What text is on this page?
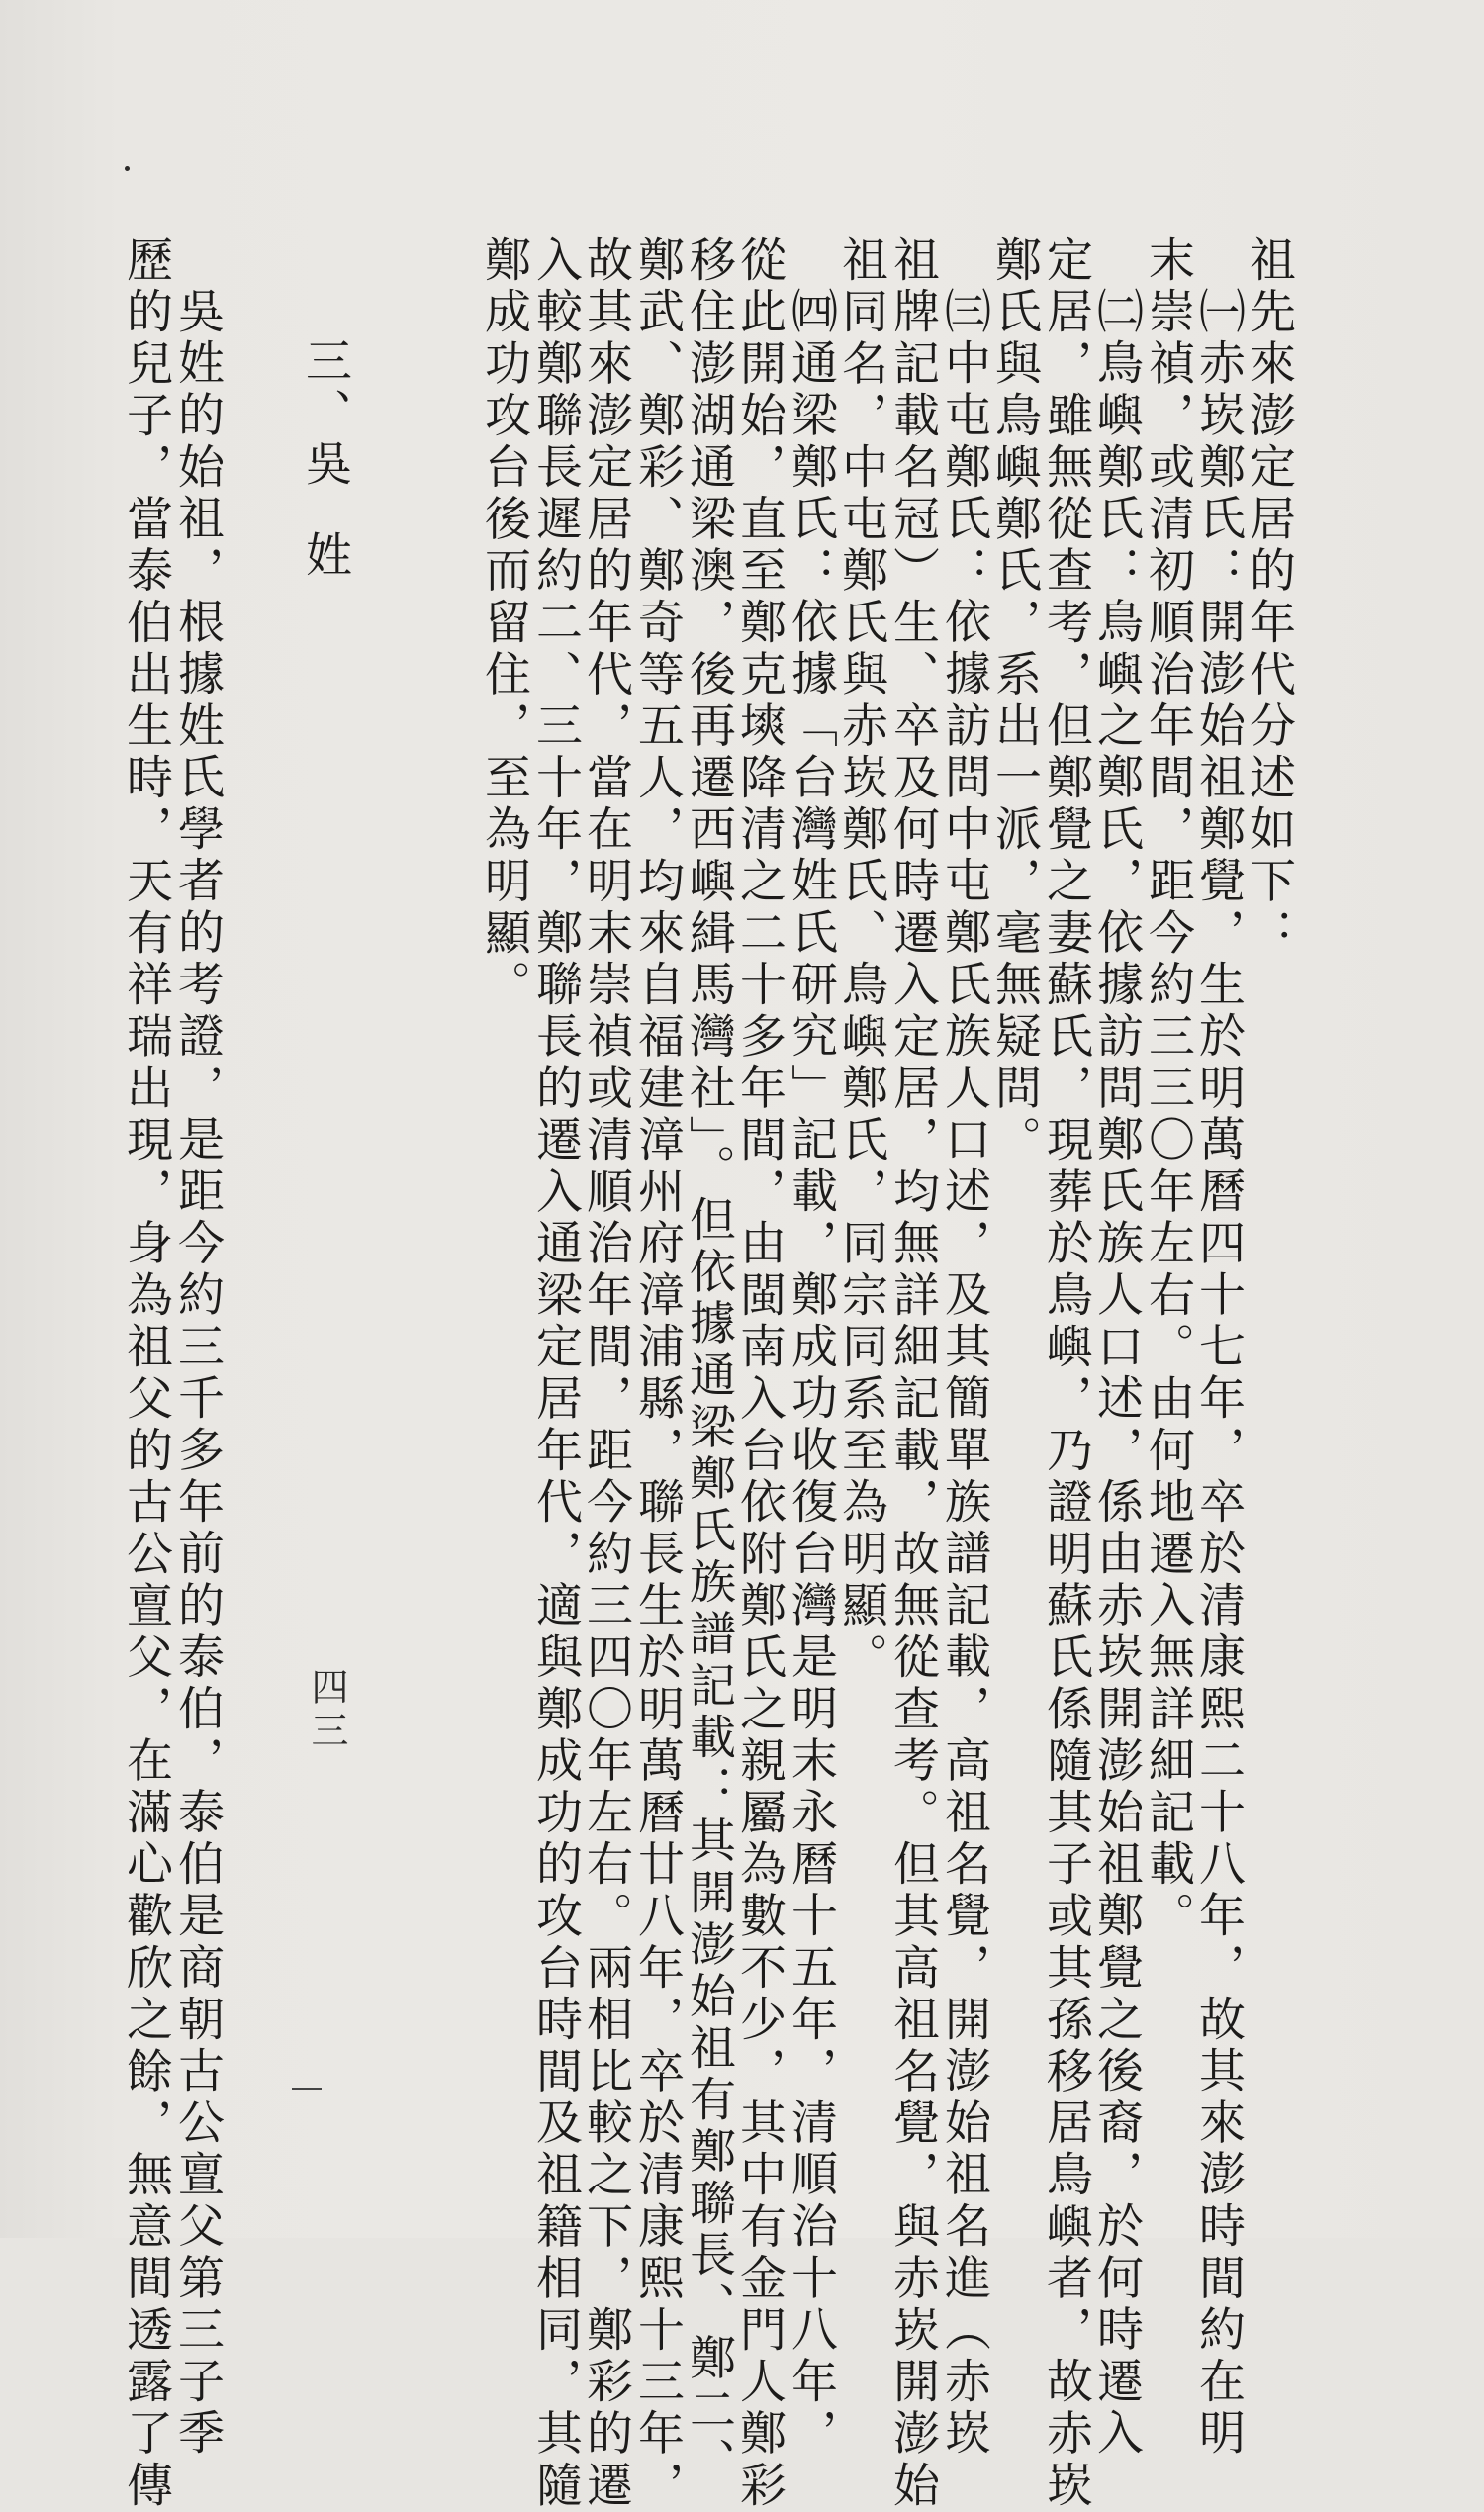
祖先來澎定居的年代分述如下：
㈠赤崁鄭氏：開澎始祖鄭覺，生於明萬曆四十七年，卒於清康熙二十八年，故其來澎時間約在明
末崇禎，或清初順治年間，距今約三三〇年左右。由何地遷入無詳細記載。
㈡鳥嶼鄭氏：鳥嶼之鄭氏，依據訪問鄭氏族人口述，係由赤崁開澎始祖鄭覺之後裔，於何時遷入
定居，雖無從查考，但鄭覺之妻蘇氏，現葬於鳥嶼，乃證明蘇氏係隨其子或其孫移居鳥嶼者，故赤崁
鄭氏與鳥嶼鄭氏，系出一派，毫無疑問。
㈢中屯鄭氏：依據訪問中屯鄭氏族人口述，及其簡單族譜記載，高祖名覺，開澎始祖名進（赤崁
祖牌記載名冠）生、卒及何時遷入定居，均無詳細記載，故無從查考。但其高祖名覺，與赤崁開澎始
祖同名，中屯鄭氏與赤崁鄭氏、鳥嶼鄭氏，同宗同系至為明顯。
㈣通梁鄭氏：依據「台灣姓氏研究」記載，鄭成功收復台灣是明末永曆十五年，清順治十八年，
從此開始，直至鄭克塽降清之二十多年間，由閩南入台依附鄭氏之親屬為數不少，其中有金門人鄭彩
移住澎湖通梁澳，後再遷西嶼緝馬灣社」。但依據通梁鄭氏族譜記載：其開澎始祖有鄭聯長、鄭二、
鄭武、鄭彩、鄭奇等五人，均來自福建漳州府漳浦縣，聯長生於明萬曆廿八年，卒於清康熙十三年，
故其來澎定居的年代，當在明末崇禎或清順治年間，距今約三四〇年左右。兩相比較之下，鄭彩的遷
入較鄭聯長遲約二、三十年，鄭聯長的遷入通梁定居年代，適與鄭成功的攻台時間及祖籍相同，其隨
鄭成功攻台後而留住，至為明顯。
三、吳姓
吳姓的始祖，根據姓氏學者的考證，是距今約三千多年前的泰伯，泰伯是商朝古公亶父第三子季
歷的兒子，當泰伯出生時，天有祥瑞出現，身為祖父的古公亶父，在滿心歡欣之餘，無意間透露了傳	四三
